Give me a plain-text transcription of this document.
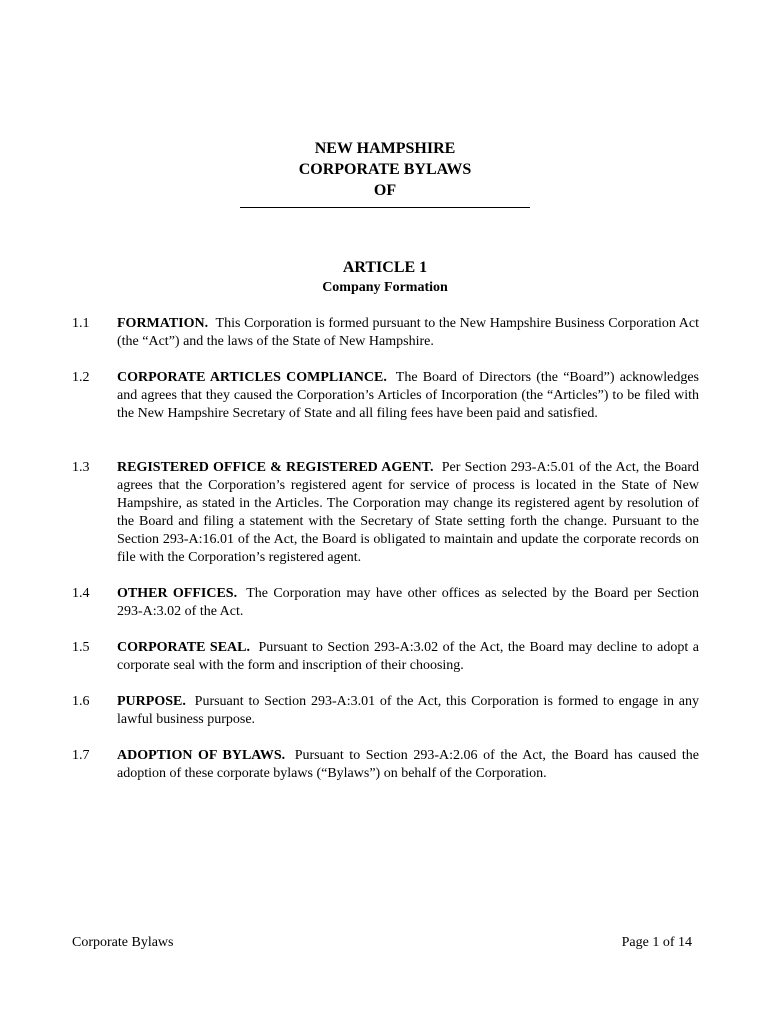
NEW HAMPSHIRE
CORPORATE BYLAWS
OF
ARTICLE 1
Company Formation
1.1	FORMATION. This Corporation is formed pursuant to the New Hampshire Business Corporation Act (the “Act”) and the laws of the State of New Hampshire.
1.2	CORPORATE ARTICLES COMPLIANCE. The Board of Directors (the “Board”) acknowledges and agrees that they caused the Corporation’s Articles of Incorporation (the “Articles”) to be filed with the New Hampshire Secretary of State and all filing fees have been paid and satisfied.
1.3	REGISTERED OFFICE & REGISTERED AGENT. Per Section 293-A:5.01 of the Act, the Board agrees that the Corporation’s registered agent for service of process is located in the State of New Hampshire, as stated in the Articles. The Corporation may change its registered agent by resolution of the Board and filing a statement with the Secretary of State setting forth the change. Pursuant to the Section 293-A:16.01 of the Act, the Board is obligated to maintain and update the corporate records on file with the Corporation’s registered agent.
1.4	OTHER OFFICES. The Corporation may have other offices as selected by the Board per Section 293-A:3.02 of the Act.
1.5	CORPORATE SEAL. Pursuant to Section 293-A:3.02 of the Act, the Board may decline to adopt a corporate seal with the form and inscription of their choosing.
1.6	PURPOSE. Pursuant to Section 293-A:3.01 of the Act, this Corporation is formed to engage in any lawful business purpose.
1.7	ADOPTION OF BYLAWS. Pursuant to Section 293-A:2.06 of the Act, the Board has caused the adoption of these corporate bylaws (“Bylaws”) on behalf of the Corporation.
Corporate Bylaws	Page 1 of 14
